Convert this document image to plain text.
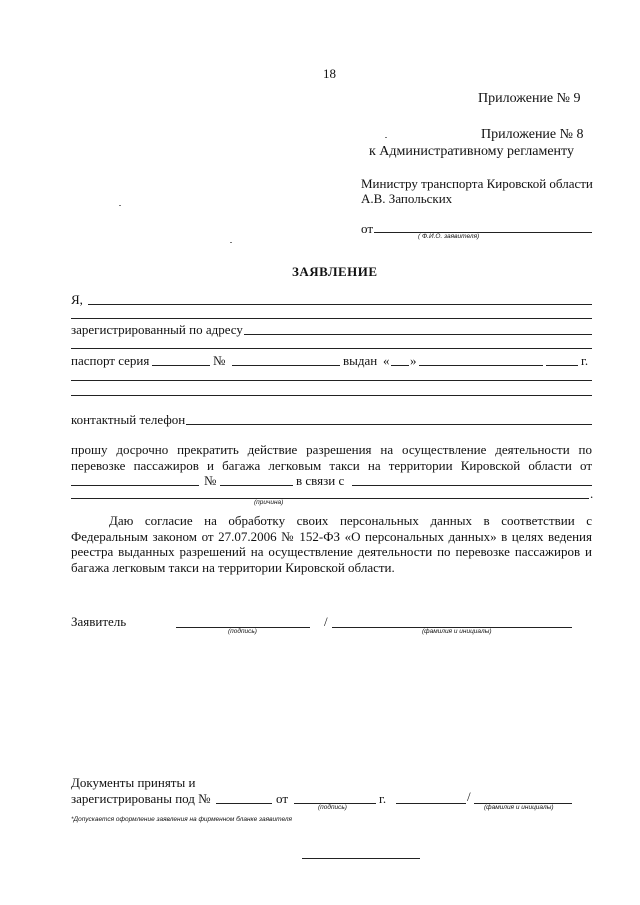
18
Приложение № 9
Приложение № 8
к Административному регламенту
Министру транспорта Кировской области
А.В. Запольских
от
( Ф.И.О. заявителя)
ЗАЯВЛЕНИЕ
Я,
зарегистрированный по адресу
паспорт серия	№	выдан « »	г.
контактный телефон
прошу досрочно прекратить действие разрешения на осуществление деятельности по
перевозке пассажиров и багажа легковым такси на территории Кировской области от
№	в связи с
.
(причина)
Даю согласие на обработку своих персональных данных в соответствии с
Федеральным законом от 27.07.2006 № 152-ФЗ «О персональных данных» в целях ведения
реестра выданных разрешений на осуществление деятельности по перевозке пассажиров и
багажа легковым такси на территории Кировской области.
Заявитель
(подпись)
/
(фамилия и инициалы)
Документы приняты и
зарегистрированы под №	от
(подпись)
г.	/
(фамилия и инициалы)
*Допускается оформление заявления на фирменном бланке заявителя
